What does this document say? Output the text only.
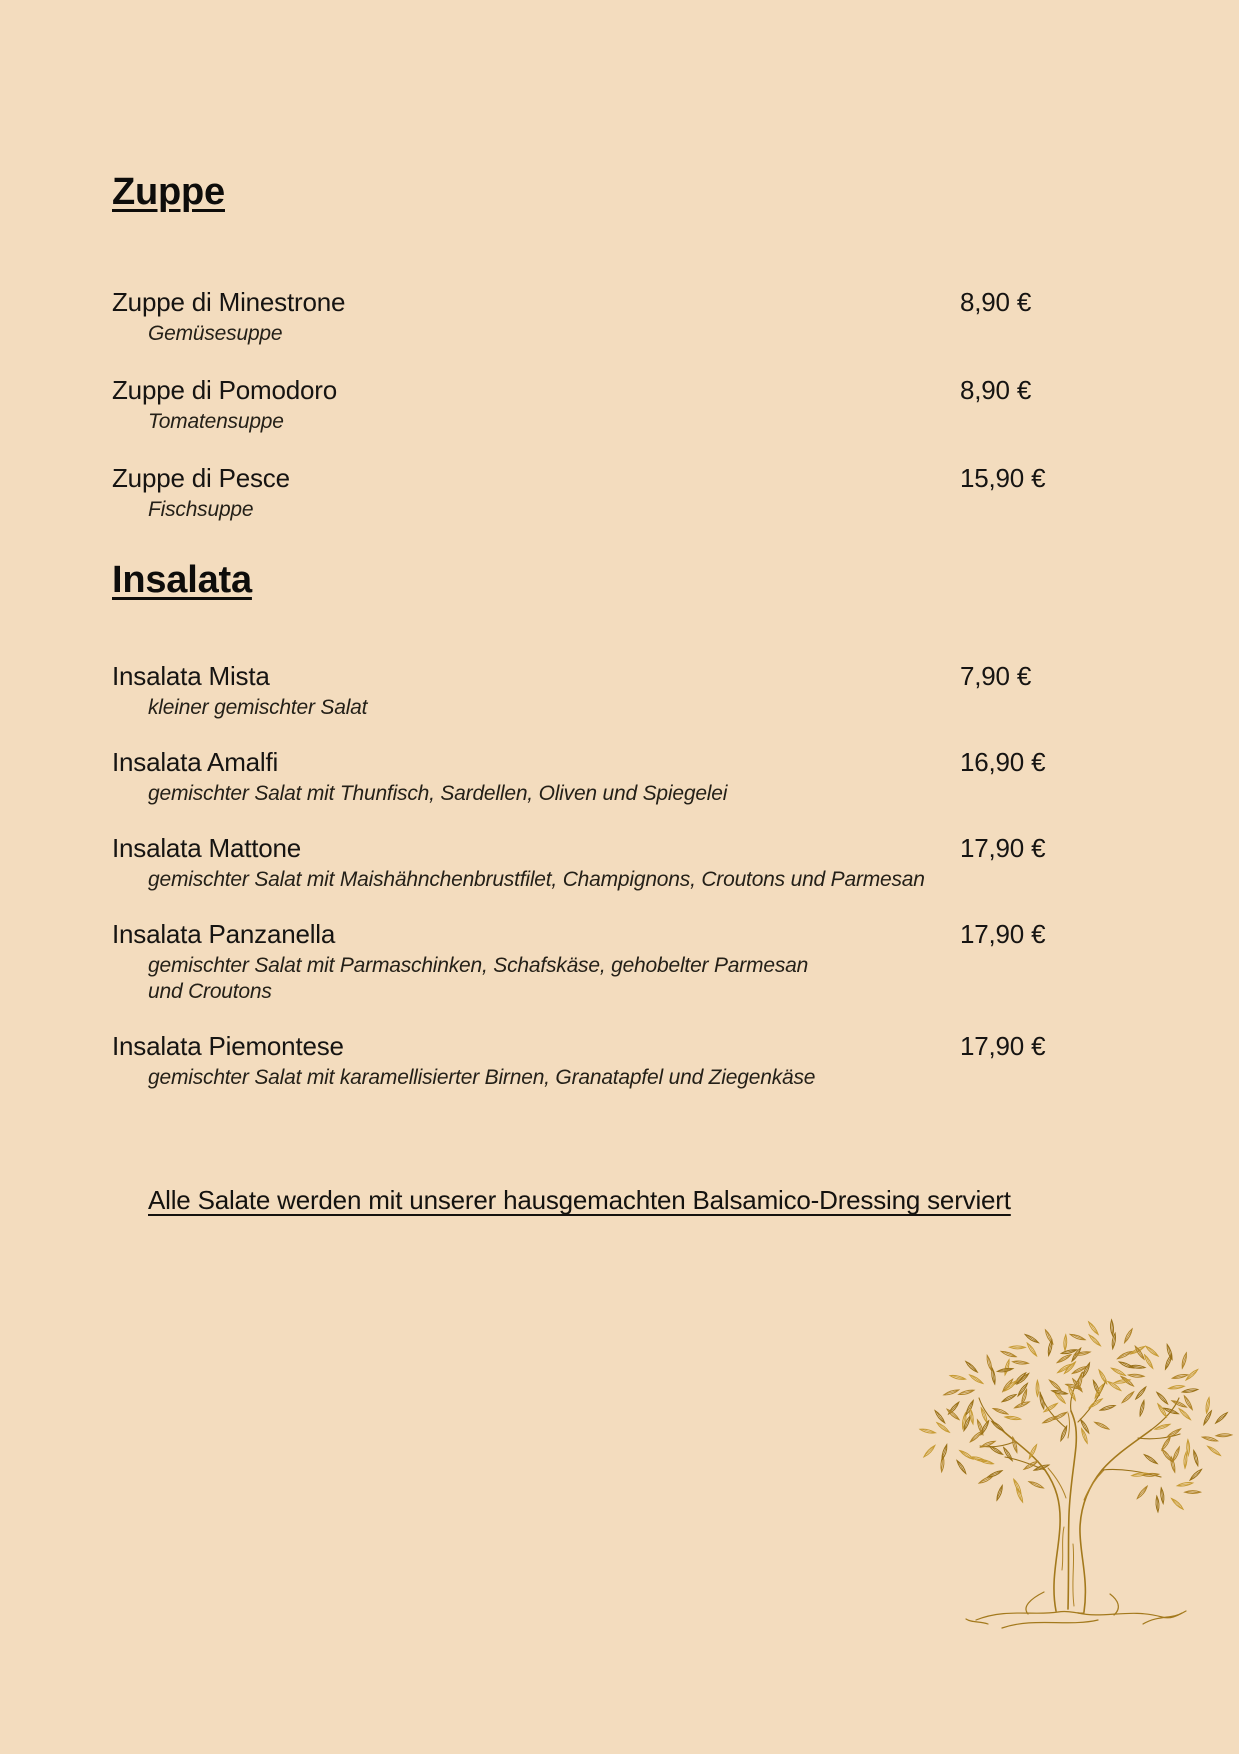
Zuppe
Zuppe di Minestrone	8,90 €
Gemüsesuppe
Zuppe di Pomodoro	8,90 €
Tomatensuppe
Zuppe di Pesce	15,90 €
Fischsuppe
Insalata
Insalata Mista	7,90 €
kleiner gemischter Salat
Insalata Amalfi	16,90 €
gemischter Salat mit Thunfisch, Sardellen, Oliven und Spiegelei
Insalata Mattone	17,90 €
gemischter Salat mit Maishähnchenbrustfilet, Champignons, Croutons und Parmesan
Insalata Panzanella	17,90 €
gemischter Salat mit Parmaschinken, Schafskäse, gehobelter Parmesan
und Croutons
Insalata Piemontese	17,90 €
gemischter Salat mit karamellisierter Birnen, Granatapfel und Ziegenkäse

Alle Salate werden mit unserer hausgemachten Balsamico-Dressing serviert
